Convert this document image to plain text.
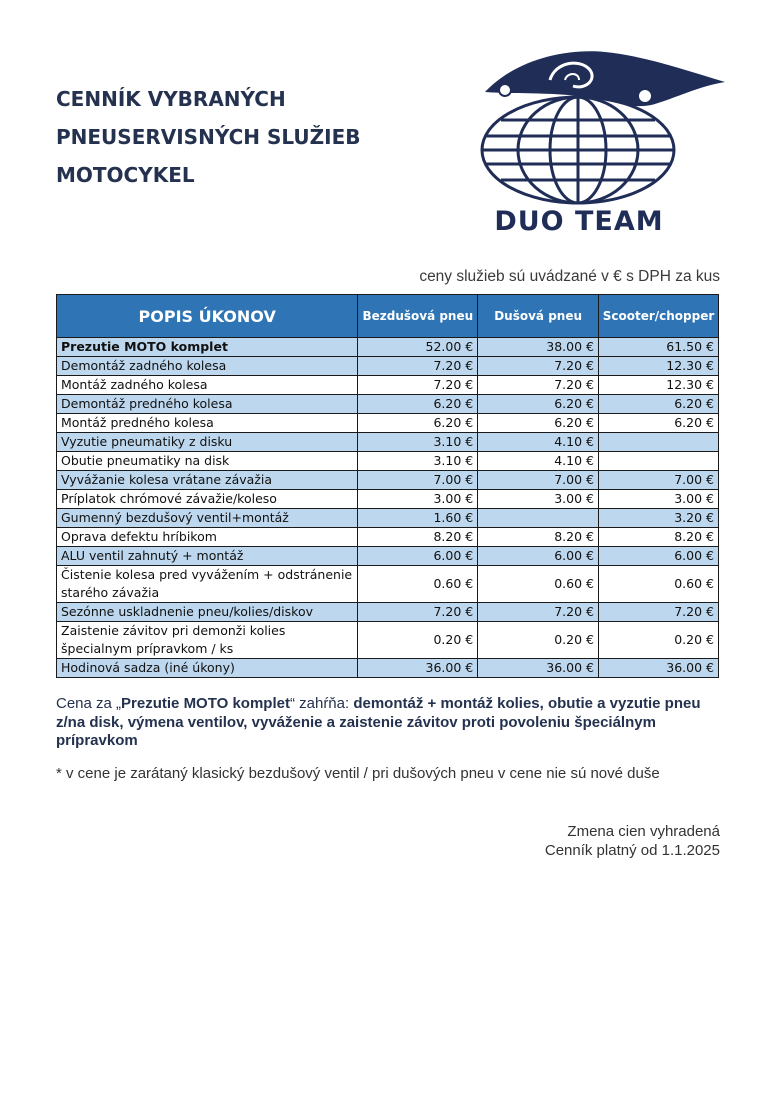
CENNÍK VYBRANÝCH
PNEUSERVISNÝCH SLUŽIEB
MOTOCYKEL
DUO TEAM
ceny služieb sú uvádzané v € s DPH za kus
POPIS ÚKONOV	Bezdušová pneu	Dušová pneu	Scooter/chopper
Prezutie MOTO komplet	52.00 €	38.00 €	61.50 €
Demontáž zadného kolesa	7.20 €	7.20 €	12.30 €
Montáž zadného kolesa	7.20 €	7.20 €	12.30 €
Demontáž predného kolesa	6.20 €	6.20 €	6.20 €
Montáž predného kolesa	6.20 €	6.20 €	6.20 €
Vyzutie pneumatiky z disku	3.10 €	4.10 €	
Obutie pneumatiky na disk	3.10 €	4.10 €	
Vyvážanie kolesa vrátane závažia	7.00 €	7.00 €	7.00 €
Príplatok chrómové závažie/koleso	3.00 €	3.00 €	3.00 €
Gumenný bezdušový ventil+montáž	1.60 €		3.20 €
Oprava defektu hríbikom	8.20 €	8.20 €	8.20 €
ALU ventil zahnutý + montáž	6.00 €	6.00 €	6.00 €
Čistenie kolesa pred vyvážením + odstránenie starého závažia	0.60 €	0.60 €	0.60 €
Sezónne uskladnenie pneu/kolies/diskov	7.20 €	7.20 €	7.20 €
Zaistenie závitov pri demonži kolies špecialnym prípravkom / ks	0.20 €	0.20 €	0.20 €
Hodinová sadza (iné úkony)	36.00 €	36.00 €	36.00 €
Cena za „Prezutie MOTO komplet“ zahŕňa: demontáž + montáž kolies, obutie a vyzutie pneu z/na disk, výmena ventilov, vyváženie a zaistenie závitov proti povoleniu špeciálnym prípravkom
* v cene je zarátaný klasický bezdušový ventil / pri dušových pneu v cene nie sú nové duše
Zmena cien vyhradená
Cenník platný od 1.1.2025
